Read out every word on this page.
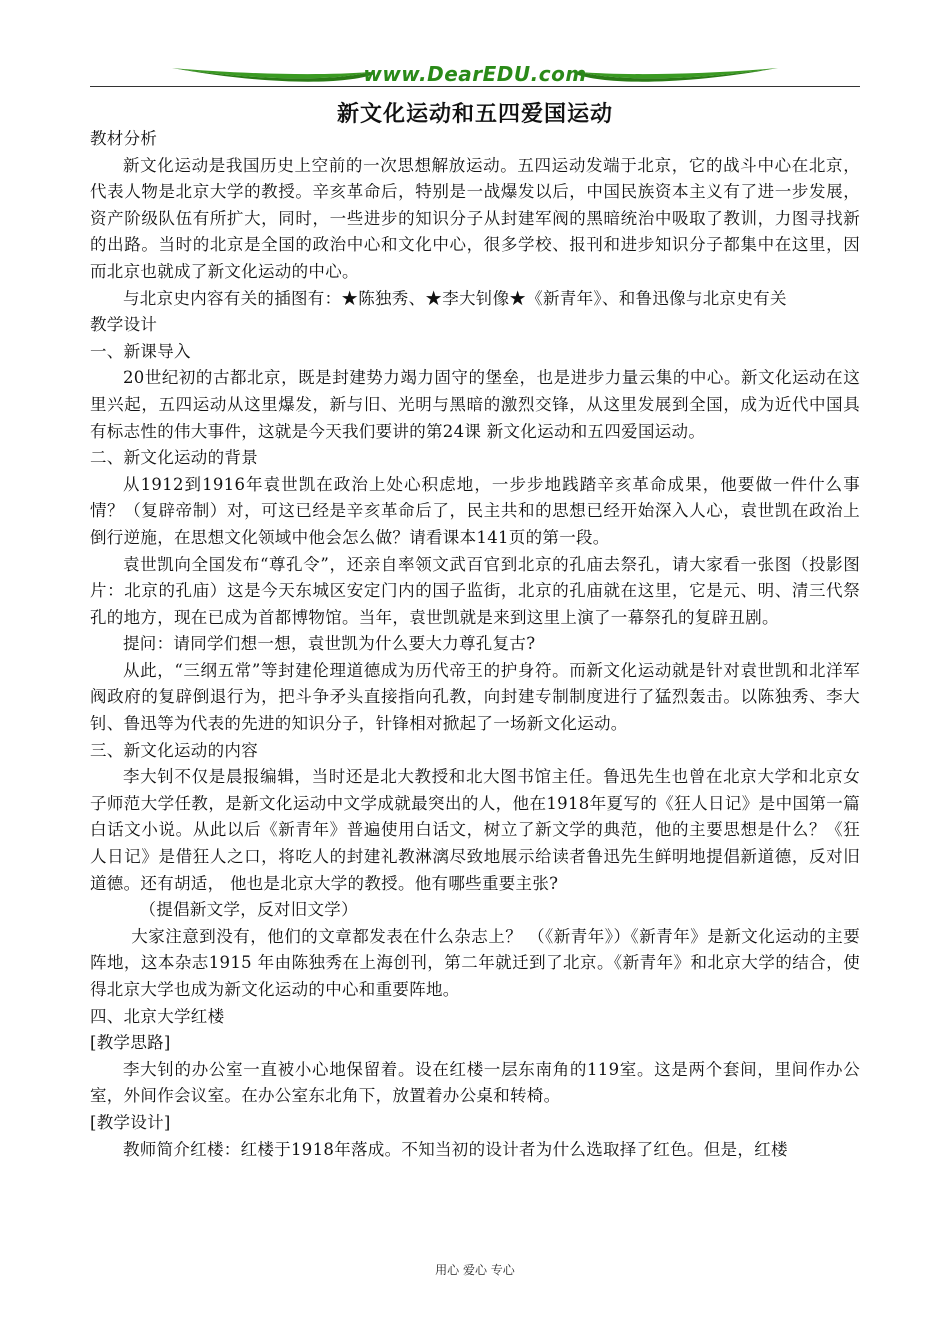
www.DearEDU.com
新文化运动和五四爱国运动

教材分析

新文化运动是我国历史上空前的一次思想解放运动。五四运动发端于北京，它的战斗中心在北京，代表人物是北京大学的教授。辛亥革命后，特别是一战爆发以后，中国民族资本主义有了进一步发展，资产阶级队伍有所扩大，同时，一些进步的知识分子从封建军阀的黑暗统治中吸取了教训，力图寻找新的出路。当时的北京是全国的政治中心和文化中心，很多学校、报刊和进步知识分子都集中在这里，因而北京也就成了新文化运动的中心。

与北京史内容有关的插图有：★陈独秀、★李大钊像★《新青年》、和鲁迅像与北京史有关

教学设计

一、新课导入

20世纪初的古都北京，既是封建势力竭力固守的堡垒，也是进步力量云集的中心。新文化运动在这里兴起，五四运动从这里爆发，新与旧、光明与黑暗的激烈交锋，从这里发展到全国，成为近代中国具有标志性的伟大事件，这就是今天我们要讲的第24课 新文化运动和五四爱国运动。

二、新文化运动的背景

从1912到1916年袁世凯在政治上处心积虑地，一步步地践踏辛亥革命成果，他要做一件什么事情？（复辟帝制）对，可这已经是辛亥革命后了，民主共和的思想已经开始深入人心，袁世凯在政治上倒行逆施，在思想文化领域中他会怎么做？请看课本141页的第一段。

袁世凯向全国发布“尊孔令”，还亲自率领文武百官到北京的孔庙去祭孔，请大家看一张图（投影图片：北京的孔庙）这是今天东城区安定门内的国子监街，北京的孔庙就在这里，它是元、明、清三代祭孔的地方，现在已成为首都博物馆。当年，袁世凯就是来到这里上演了一幕祭孔的复辟丑剧。

提问：请同学们想一想，袁世凯为什么要大力尊孔复古?

从此，“三纲五常”等封建伦理道德成为历代帝王的护身符。而新文化运动就是针对袁世凯和北洋军阀政府的复辟倒退行为，把斗争矛头直接指向孔教，向封建专制制度进行了猛烈轰击。以陈独秀、李大钊、鲁迅等为代表的先进的知识分子，针锋相对掀起了一场新文化运动。

三、新文化运动的内容

李大钊不仅是晨报编辑，当时还是北大教授和北大图书馆主任。鲁迅先生也曾在北京大学和北京女子师范大学任教，是新文化运动中文学成就最突出的人，他在1918年夏写的《狂人日记》是中国第一篇白话文小说。从此以后《新青年》普遍使用白话文，树立了新文学的典范，他的主要思想是什么？《狂人日记》是借狂人之口，将吃人的封建礼教淋漓尽致地展示给读者鲁迅先生鲜明地提倡新道德，反对旧道德。还有胡适， 他也是北京大学的教授。他有哪些重要主张?

（提倡新文学，反对旧文学）

大家注意到没有，他们的文章都发表在什么杂志上？ （《新青年》）《新青年》是新文化运动的主要阵地，这本杂志1915 年由陈独秀在上海创刊，第二年就迁到了北京。《新青年》和北京大学的结合，使得北京大学也成为新文化运动的中心和重要阵地。

四、北京大学红楼

[教学思路]

李大钊的办公室一直被小心地保留着。设在红楼一层东南角的119室。这是两个套间，里间作办公室，外间作会议室。在办公室东北角下，放置着办公桌和转椅。

[教学设计]

教师简介红楼：红楼于1918年落成。不知当初的设计者为什么选取择了红色。但是，红楼

用心 爱心 专心
